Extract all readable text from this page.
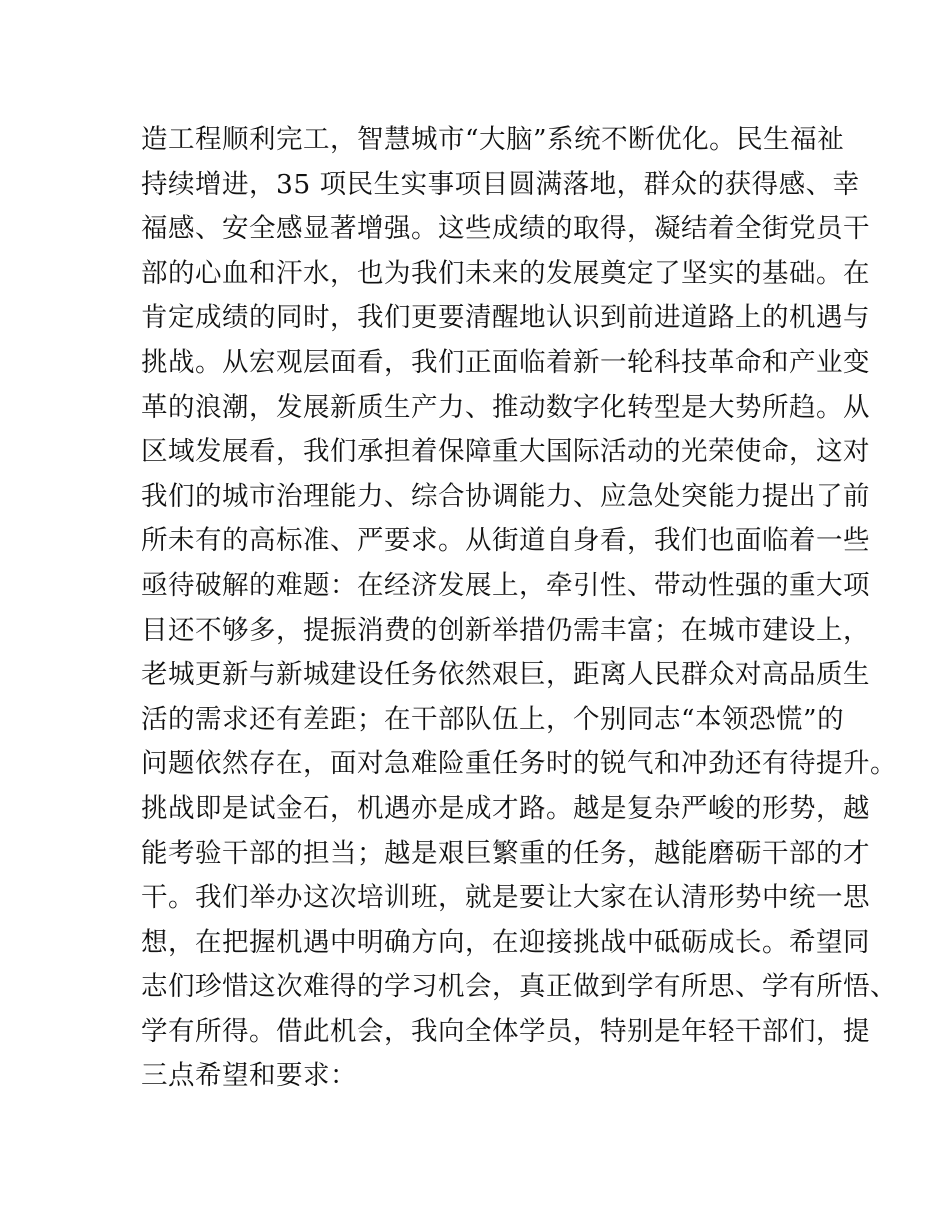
造工程顺利完工，智慧城市“大脑”系统不断优化。民生福祉
持续增进，35 项民生实事项目圆满落地，群众的获得感、幸
福感、安全感显著增强。这些成绩的取得，凝结着全街党员干
部的心血和汗水，也为我们未来的发展奠定了坚实的基础。在
肯定成绩的同时，我们更要清醒地认识到前进道路上的机遇与
挑战。从宏观层面看，我们正面临着新一轮科技革命和产业变
革的浪潮，发展新质生产力、推动数字化转型是大势所趋。从
区域发展看，我们承担着保障重大国际活动的光荣使命，这对
我们的城市治理能力、综合协调能力、应急处突能力提出了前
所未有的高标准、严要求。从街道自身看，我们也面临着一些
亟待破解的难题：在经济发展上，牵引性、带动性强的重大项
目还不够多，提振消费的创新举措仍需丰富；在城市建设上，
老城更新与新城建设任务依然艰巨，距离人民群众对高品质生
活的需求还有差距；在干部队伍上，个别同志“本领恐慌”的
问题依然存在，面对急难险重任务时的锐气和冲劲还有待提升。
挑战即是试金石，机遇亦是成才路。越是复杂严峻的形势，越
能考验干部的担当；越是艰巨繁重的任务，越能磨砺干部的才
干。我们举办这次培训班，就是要让大家在认清形势中统一思
想，在把握机遇中明确方向，在迎接挑战中砥砺成长。希望同
志们珍惜这次难得的学习机会，真正做到学有所思、学有所悟、
学有所得。借此机会，我向全体学员，特别是年轻干部们，提
三点希望和要求：
